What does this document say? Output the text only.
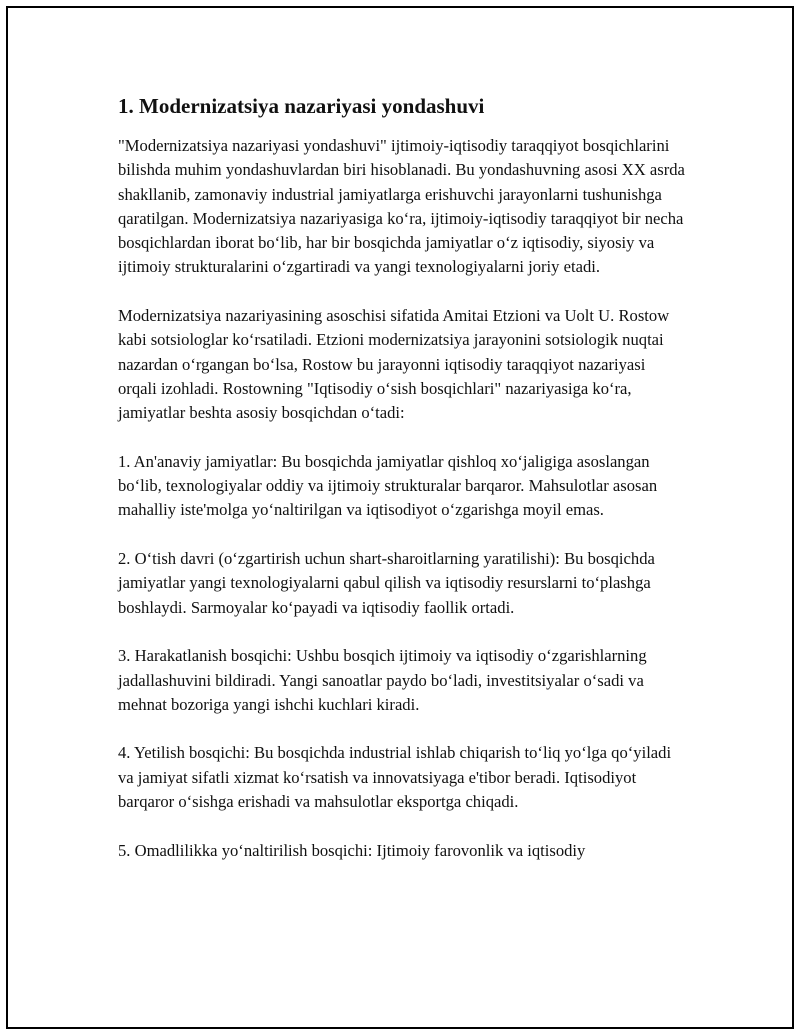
1. Modernizatsiya nazariyasi yondashuvi

"Modernizatsiya nazariyasi yondashuvi" ijtimoiy-iqtisodiy taraqqiyot bosqichlarini bilishda muhim yondashuvlardan biri hisoblanadi. Bu yondashuvning asosi XX asrda shakllanib, zamonaviy industrial jamiyatlarga erishuvchi jarayonlarni tushunishga qaratilgan. Modernizatsiya nazariyasiga ko‘ra, ijtimoiy-iqtisodiy taraqqiyot bir necha bosqichlardan iborat bo‘lib, har bir bosqichda jamiyatlar o‘z iqtisodiy, siyosiy va ijtimoiy strukturalarini o‘zgartiradi va yangi texnologiyalarni joriy etadi.

Modernizatsiya nazariyasining asoschisi sifatida Amitai Etzioni va Uolt U. Rostow kabi sotsiologlar ko‘rsatiladi. Etzioni modernizatsiya jarayonini sotsiologik nuqtai nazardan o‘rgangan bo‘lsa, Rostow bu jarayonni iqtisodiy taraqqiyot nazariyasi orqali izohladi. Rostowning "Iqtisodiy o‘sish bosqichlari" nazariyasiga ko‘ra, jamiyatlar beshta asosiy bosqichdan o‘tadi:

1. An'anaviy jamiyatlar: Bu bosqichda jamiyatlar qishloq xo‘jaligiga asoslangan bo‘lib, texnologiyalar oddiy va ijtimoiy strukturalar barqaror. Mahsulotlar asosan mahalliy iste'molga yo‘naltirilgan va iqtisodiyot o‘zgarishga moyil emas.

2. O‘tish davri (o‘zgartirish uchun shart-sharoitlarning yaratilishi): Bu bosqichda jamiyatlar yangi texnologiyalarni qabul qilish va iqtisodiy resurslarni to‘plashga boshlaydi. Sarmoyalar ko‘payadi va iqtisodiy faollik ortadi.

3. Harakatlanish bosqichi: Ushbu bosqich ijtimoiy va iqtisodiy o‘zgarishlarning jadallashuvini bildiradi. Yangi sanoatlar paydo bo‘ladi, investitsiyalar o‘sadi va mehnat bozoriga yangi ishchi kuchlari kiradi.

4. Yetilish bosqichi: Bu bosqichda industrial ishlab chiqarish to‘liq yo‘lga qo‘yiladi va jamiyat sifatli xizmat ko‘rsatish va innovatsiyaga e'tibor beradi. Iqtisodiyot barqaror o‘sishga erishadi va mahsulotlar eksportga chiqadi.

5. Omadlilikka yo‘naltirilish bosqichi: Ijtimoiy farovonlik va iqtisodiy
